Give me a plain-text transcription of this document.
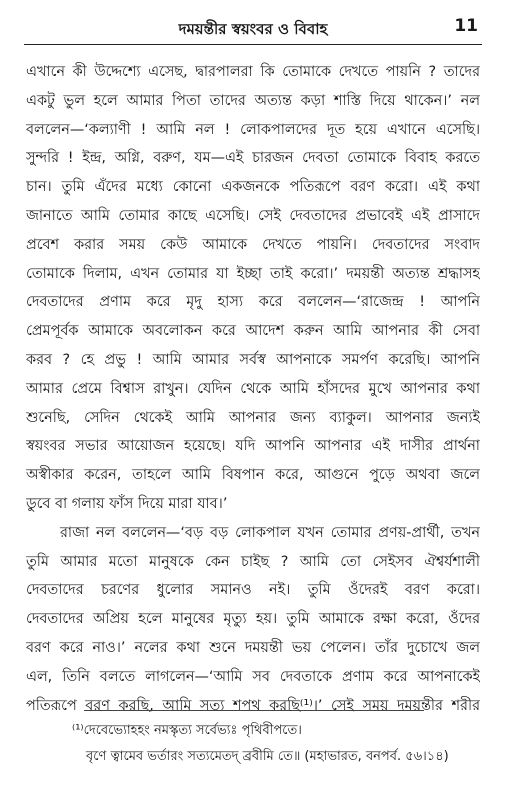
দময়ন্তীর স্বয়ংবর ও বিবাহ	11
এখানে কী উদ্দেশ্যে এসেছ, দ্বারপালরা কি তোমাকে দেখতে পায়নি ? তাদের
একটু ভুল হলে আমার পিতা তাদের অত্যন্ত কড়া শাস্তি দিয়ে থাকেন।’ নল
বললেন—‘কল্যাণী ! আমি নল ! লোকপালদের দূত হয়ে এখানে এসেছি।
সুন্দরি ! ইন্দ্র, অগ্নি, বরুণ, যম—এই চারজন দেবতা তোমাকে বিবাহ করতে
চান। তুমি এঁদের মধ্যে কোনো একজনকে পতিরূপে বরণ করো। এই কথা
জানাতে আমি তোমার কাছে এসেছি। সেই দেবতাদের প্রভাবেই এই প্রাসাদে
প্রবেশ করার সময় কেউ আমাকে দেখতে পায়নি। দেবতাদের সংবাদ
তোমাকে দিলাম, এখন তোমার যা ইচ্ছা তাই করো।’ দময়ন্তী অত্যন্ত শ্রদ্ধাসহ
দেবতাদের প্রণাম করে মৃদু হাস্য করে বললেন—‘রাজেন্দ্র ! আপনি
প্রেমপূর্বক আমাকে অবলোকন করে আদেশ করুন আমি আপনার কী সেবা
করব ? হে প্রভু ! আমি আমার সর্বস্ব আপনাকে সমর্পণ করেছি। আপনি
আমার প্রেমে বিশ্বাস রাখুন। যেদিন থেকে আমি হাঁসদের মুখে আপনার কথা
শুনেছি, সেদিন থেকেই আমি আপনার জন্য ব্যাকুল। আপনার জন্যই
স্বয়ংবর সভার আয়োজন হয়েছে। যদি আপনি আপনার এই দাসীর প্রার্থনা
অস্বীকার করেন, তাহলে আমি বিষপান করে, আগুনে পুড়ে অথবা জলে
ডুবে বা গলায় ফাঁস দিয়ে মারা যাব।’
রাজা নল বললেন—‘বড় বড় লোকপাল যখন তোমার প্রণয়-প্রার্থী, তখন
তুমি আমার মতো মানুষকে কেন চাইছ ? আমি তো সেইসব ঐশ্বর্যশালী
দেবতাদের চরণের ধুলোর সমানও নই। তুমি ওঁদেরই বরণ করো।
দেবতাদের অপ্রিয় হলে মানুষের মৃত্যু হয়। তুমি আমাকে রক্ষা করো, ওঁদের
বরণ করে নাও।’ নলের কথা শুনে দময়ন্তী ভয় পেলেন। তাঁর দুচোখে জল
এল, তিনি বলতে লাগলেন—‘আমি সব দেবতাকে প্রণাম করে আপনাকেই
পতিরূপে বরণ করছি, আমি সত্য শপথ করছি⁽¹⁾।’ সেই সময় দময়ন্তীর শরীর
⁽¹⁾দেবেভ্যোহহং নমস্কৃত্য সর্বেভ্যঃ পৃথিবীপতে।
বৃণে ত্বামেব ভর্তারং সত্যমেতদ্ ব্রবীমি তে॥ (মহাভারত, বনপর্ব. ৫৬।১৪)
